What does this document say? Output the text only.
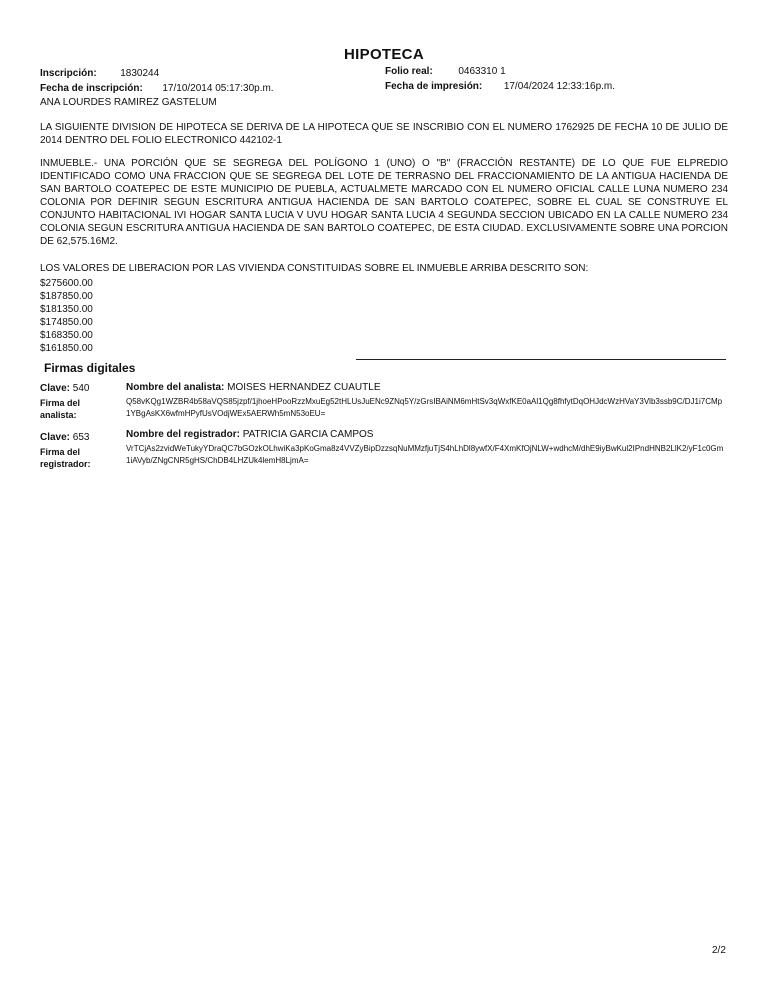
HIPOTECA
Inscripción: 1830244
Fecha de inscripción: 17/10/2014 05:17:30p.m.
ANA LOURDES RAMIREZ GASTELUM
Folio real:	0463310 1
Fecha de impresión: 17/04/2024 12:33:16p.m.
LA SIGUIENTE DIVISION DE HIPOTECA SE DERIVA DE LA HIPOTECA QUE SE INSCRIBIO CON EL NUMERO 1762925 DE FECHA 10 DE JULIO DE 2014 DENTRO DEL FOLIO ELECTRONICO 442102-1
INMUEBLE.- UNA PORCIÓN QUE SE SEGREGA DEL POLÍGONO 1 (UNO) O "B" (FRACCIÓN RESTANTE) DE LO QUE FUE ELPREDIO IDENTIFICADO COMO UNA FRACCION QUE SE SEGREGA DEL LOTE DE TERRASNO DEL FRACCIONAMIENTO DE LA ANTIGUA HACIENDA DE SAN BARTOLO COATEPEC DE ESTE MUNICIPIO DE PUEBLA, ACTUALMETE MARCADO CON EL NUMERO OFICIAL CALLE LUNA NUMERO 234 COLONIA POR DEFINIR SEGUN ESCRITURA ANTIGUA HACIENDA DE SAN BARTOLO COATEPEC, SOBRE EL CUAL SE CONSTRUYE EL CONJUNTO HABITACIONAL IVI HOGAR SANTA LUCIA V UVU HOGAR SANTA LUCIA 4 SEGUNDA SECCION UBICADO EN LA CALLE NUMERO 234 COLONIA SEGUN ESCRITURA ANTIGUA HACIENDA DE SAN BARTOLO COATEPEC, DE ESTA CIUDAD. EXCLUSIVAMENTE SOBRE UNA PORCION DE 62,575.16M2.
LOS VALORES DE LIBERACION POR LAS VIVIENDA CONSTITUIDAS SOBRE EL INMUEBLE ARRIBA DESCRITO SON:
$275600.00
$187850.00
$181350.00
$174850.00
$168350.00
$161850.00
Firmas digitales
Clave: 540
Firma del
analista:
Nombre del analista: MOISES HERNANDEZ CUAUTLE
Q58vKQg1WZBR4b58aVQS85jzpf/1jhoeHPooRzzMxuEg52tHLUsJuENc9ZNq5Y/zGrsIBAiNM6mHtSv3qWxfKE0aAl1Qg8fhfytDqOHJdcWzHVaY3Vlb3ssb9C/DJ1i7CMp1YBgAsKX6wfmHPyfUsVOdjWEx5AERWh5mN53oEU=
Clave: 653
Firma del
registrador:
Nombre del registrador: PATRICIA GARCIA CAMPOS
VrTCjAs2zvidWeTukyYDraQC7bGOzkOLhwiKa3pKoGma8z4VVZyBipDzzsqNuMMzfjuTjS4hLhDl8ywfX/F4XmKfOjNLW+wdhcM/dhE9iyBwKul2IPndHNB2LlK2/yF1c0Gm1iAVyb/ZNgCNR5gHS/ChDB4LHZUk4lemH8LjmA=
2/2
